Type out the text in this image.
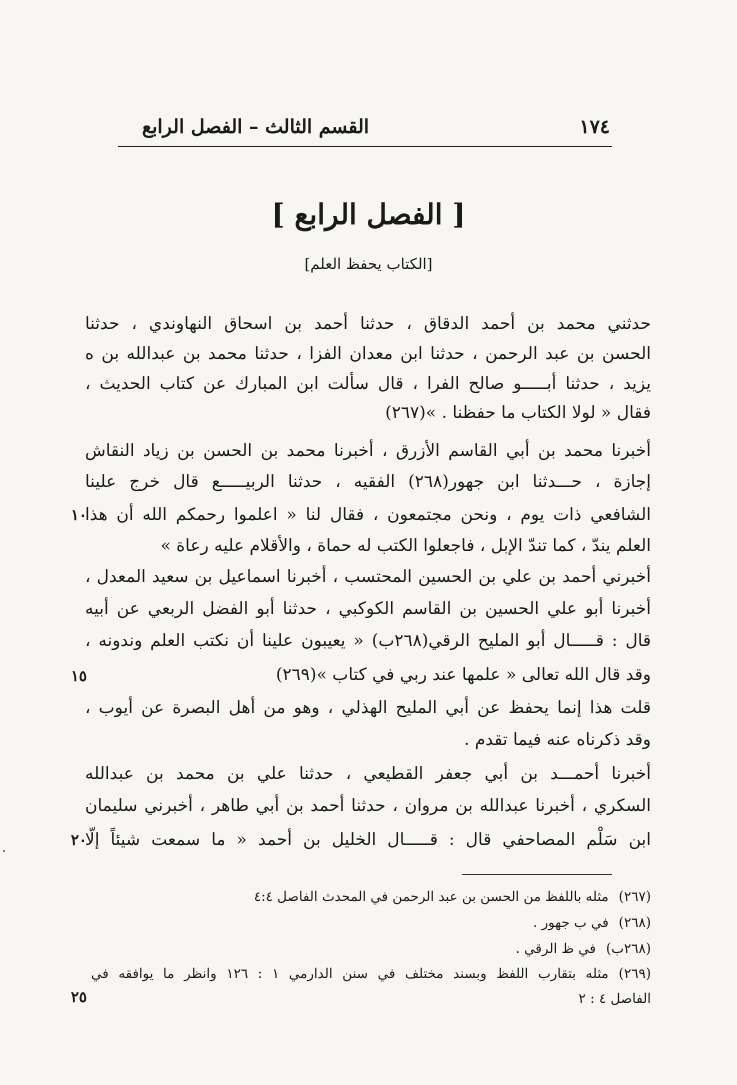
١٧٤
القسم الثالث – الفصل الرابع
[ الفصل الرابع ]
[الكتاب يحفظ العلم]
حدثني محمد بن أحمد الدقاق ، حدثنا أحمد بن اسحاق النهاوندي ، حدثنا
الحسن بن عبد الرحمن ، حدثنا ابن معدان الفزا ، حدثنا محمد بن عبدالله بن ه
يزيد ، حدثنا أبـــــو صالح الفرا ، قال سألت ابن المبارك عن كتاب الحديث ،
فقال « لولا الكتاب ما حفظنا . »(٢٦٧)
أخبرنا محمد بن أبي القاسم الأزرق ، أخبرنا محمد بن الحسن بن زياد النقاش
إجازة ، حـــدثنا ابن جهور(٢٦٨) الفقيه ، حدثنا الربيـــــع قال خرج علينا
الشافعي ذات يوم ، ونحن مجتمعون ، فقال لنا « اعلموا رحمكم الله أن هذا
العلم يندّ ، كما تندّ الإبل ، فاجعلوا الكتب له حماة ، والأقلام عليه رعاة »
أخبرني أحمد بن علي بن الحسين المحتسب ، أخبرنا اسماعيل بن سعيد المعدل ،
أخبرنا أبو علي الحسين بن القاسم الكوكبي ، حدثنا أبو الفضل الربعي عن أبيه
قال : قـــــال أبو المليح الرقي(٢٦٨ب) « يعيبون علينا أن نكتب العلم وندونه ،
وقد قال الله تعالى « علمها عند ربي في كتاب »(٢٦٩)
قلت هذا إنما يحفظ عن أبي المليح الهذلي ، وهو من أهل البصرة عن أيوب ،
وقد ذكرناه عنه فيما تقدم .
أخبرنا أحمـــد بن أبي جعفر القطيعي ، حدثنا علي بن محمد بن عبدالله
السكري ، أخبرنا عبدالله بن مروان ، حدثنا أحمد بن أبي طاهر ، أخبرني سليمان
ابن سَلْم المصاحفي قال : قـــــال الخليل بن أحمد « ما سمعت شيئاً إلّا
١٠
١٥
٢٠
٢٥
(٢٦٧)مثله باللفظ من الحسن بن عبد الرحمن في المحدث الفاصل ٤:٤
(٢٦٨)في ب جهور .
(٢٦٨ب)في ظ الرقي .
(٢٦٩)مثله بتقارب اللفظ وبسند مختلف في سنن الدارمي ١ : ١٢٦ وانظر ما يوافقه في
الفاصل ٤ : ٢
